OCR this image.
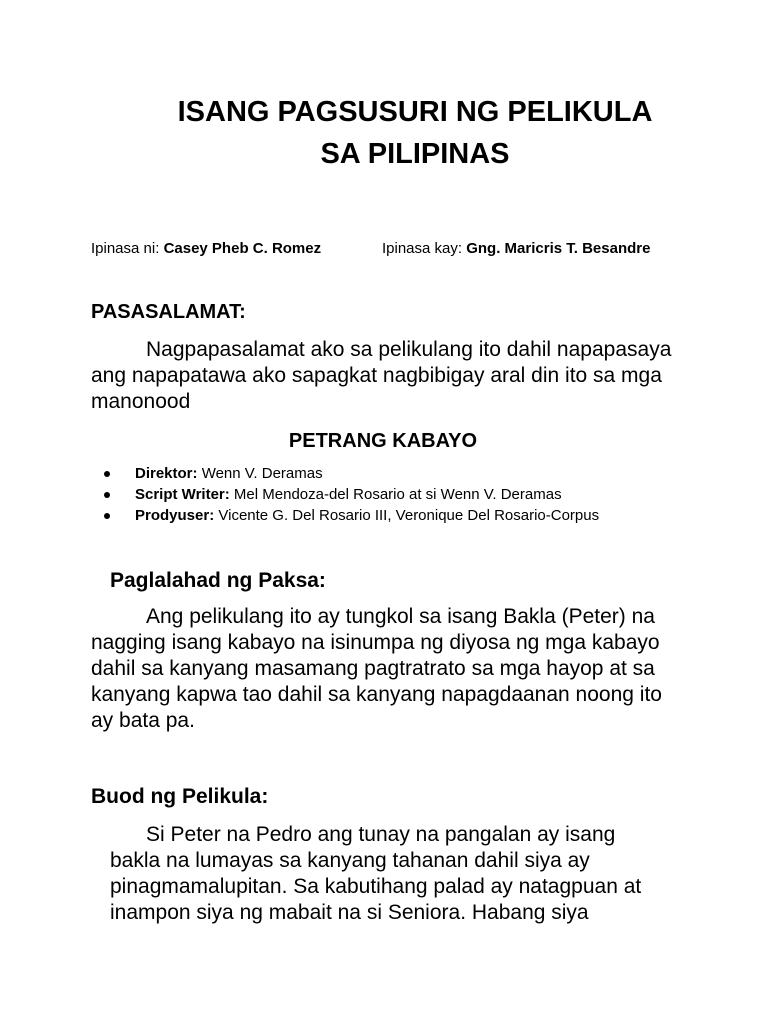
ISANG PAGSUSURI NG PELIKULA
SA PILIPINAS
Ipinasa ni: Casey Pheb C. Romez	Ipinasa kay: Gng. Maricris T. Besandre
PASASALAMAT:

Nagpapasalamat ako sa pelikulang ito dahil napapasaya ang napapatawa ako sapagkat nagbibigay aral din ito sa mga manonood

PETRANG KABAYO
Direktor: Wenn V. Deramas
Script Writer: Mel Mendoza-del Rosario at si Wenn V. Deramas
Prodyuser: Vicente G. Del Rosario III, Veronique Del Rosario-Corpus
Paglalahad ng Paksa:

Ang pelikulang ito ay tungkol sa isang Bakla (Peter) na nagging isang kabayo na isinumpa ng diyosa ng mga kabayo dahil sa kanyang masamang pagtratrato sa mga hayop at sa kanyang kapwa tao dahil sa kanyang napagdaanan noong ito ay bata pa.

Buod ng Pelikula:

Si Peter na Pedro ang tunay na pangalan ay isang bakla na lumayas sa kanyang tahanan dahil siya ay pinagmamalupitan. Sa kabutihang palad ay natagpuan at inampon siya ng mabait na si Seniora. Habang siya
